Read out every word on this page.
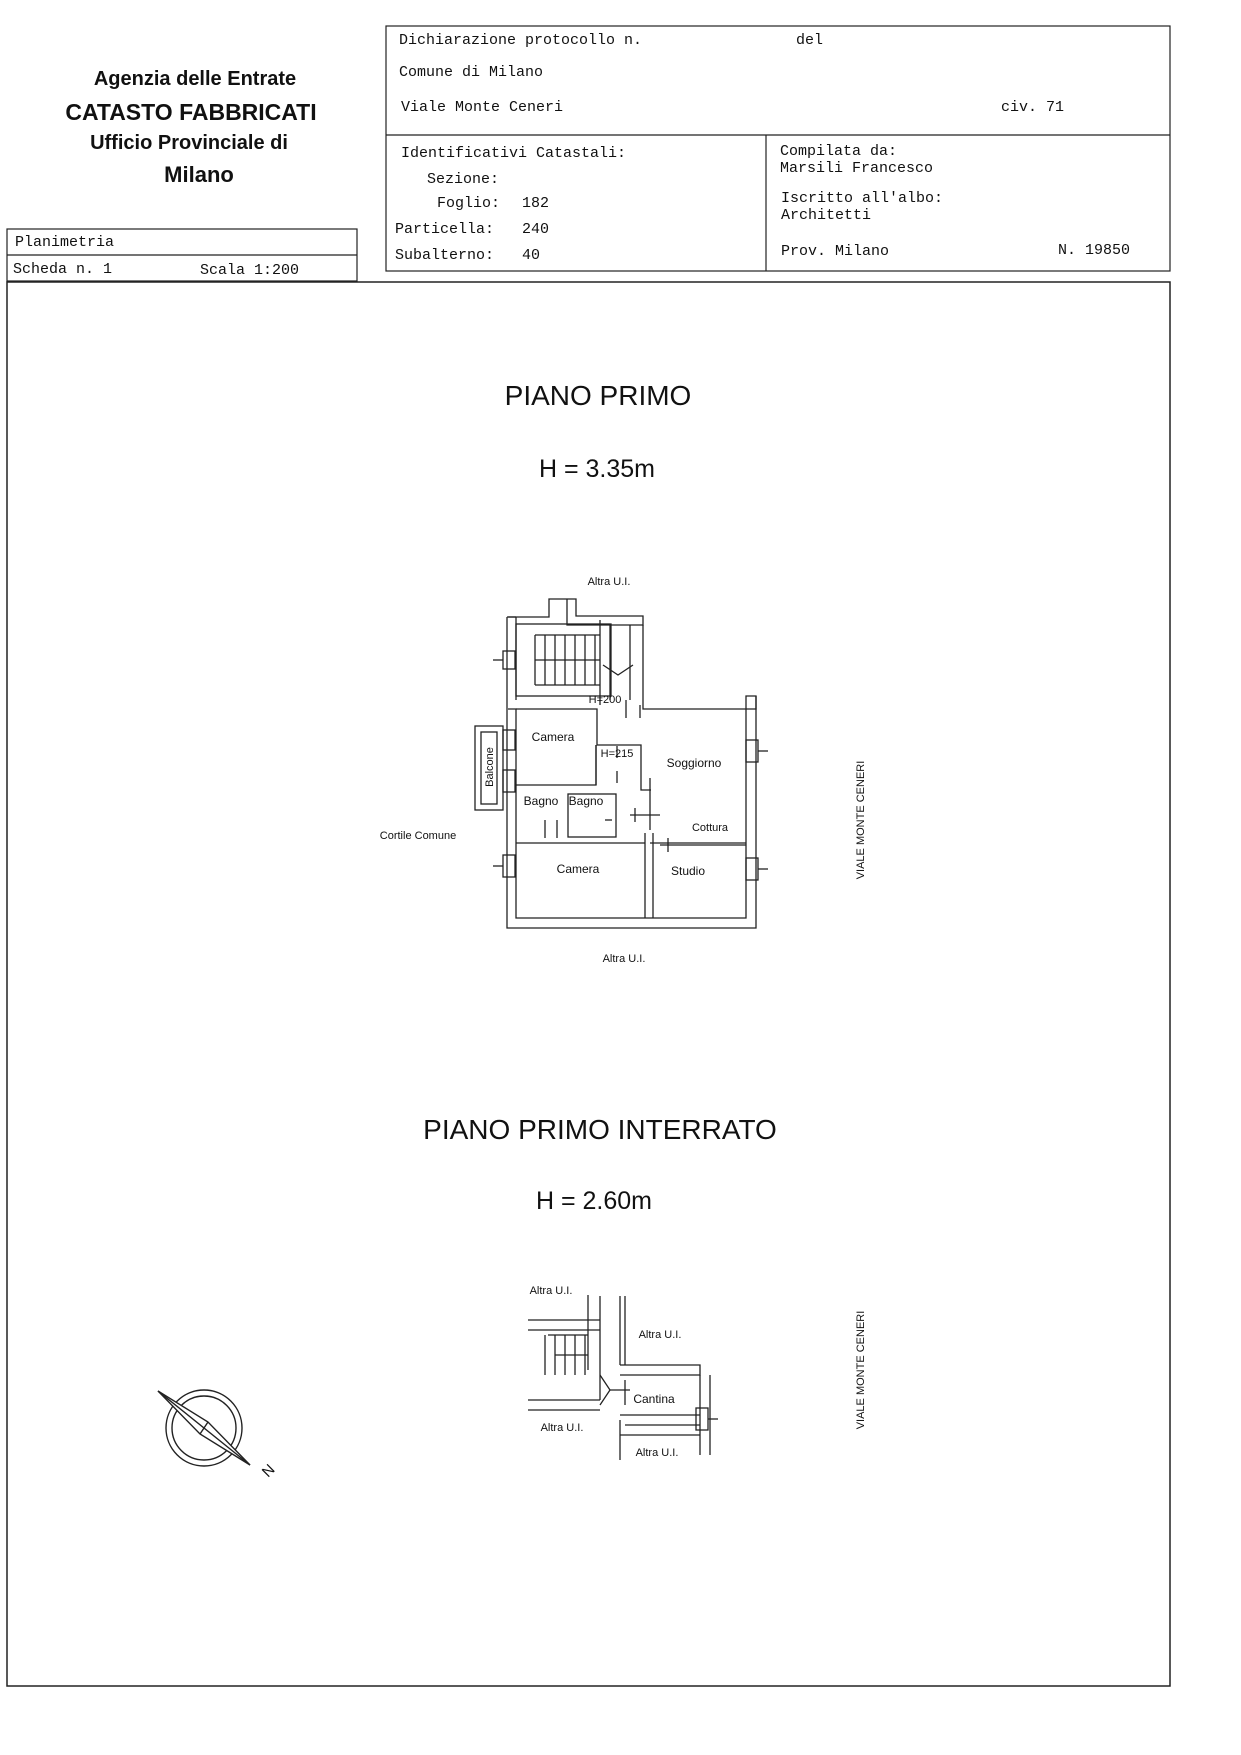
Agenzia delle Entrate
CATASTO FABBRICATI
Ufficio Provinciale di
Milano
Dichiarazione protocollo n.	del
Comune di Milano
Viale Monte Ceneri	civ. 71
Identificativi Catastali:
Sezione:
Foglio: 182
Particella: 240
Subalterno: 40
Compilata da:
Marsili Francesco
Iscritto all'albo:
Architetti
Prov. Milano	N. 19850
Planimetria
Scheda n. 1	Scala 1:200
PIANO PRIMO
H = 3.35m
Altra U.I.
H=200
Camera
H=215
Soggiorno
Balcone
Bagno Bagno
Cottura
Cortile Comune
Camera	Studio
Altra U.I.
VIALE MONTE CENERI
PIANO PRIMO INTERRATO
H = 2.60m
Altra U.I.
Altra U.I.
Cantina
Altra U.I.
Altra U.I.
VIALE MONTE CENERI
N
